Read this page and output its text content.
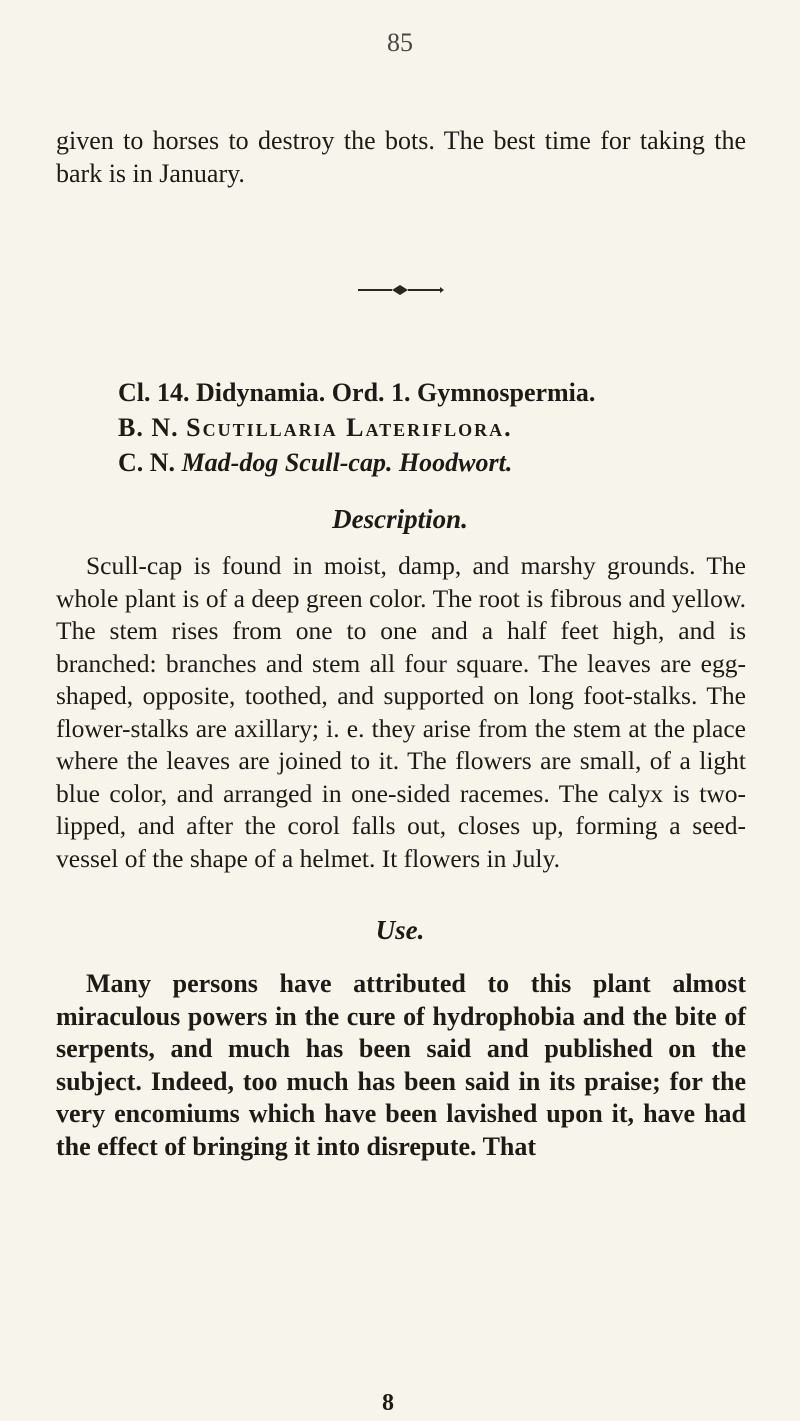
85

given to horses to destroy the bots. The best time for taking the bark is in January.

Cl. 14. Didynamia. Ord. 1. Gymnospermia.
B. N. Scutillaria Lateriflora.
C. N. Mad-dog Scull-cap. Hoodwort.
Description.

Scull-cap is found in moist, damp, and marshy grounds. The whole plant is of a deep green color. The root is fibrous and yellow. The stem rises from one to one and a half feet high, and is branched: branches and stem all four square. The leaves are egg-shaped, opposite, toothed, and supported on long foot-stalks. The flower-stalks are axillary; i. e. they arise from the stem at the place where the leaves are joined to it. The flowers are small, of a light blue color, and arranged in one-sided racemes. The calyx is two-lipped, and after the corol falls out, closes up, forming a seed-vessel of the shape of a helmet. It flowers in July.

Use.

Many persons have attributed to this plant almost miraculous powers in the cure of hydrophobia and the bite of serpents, and much has been said and published on the subject. Indeed, too much has been said in its praise; for the very encomiums which have been lavished upon it, have had the effect of bringing it into disrepute. That

8
